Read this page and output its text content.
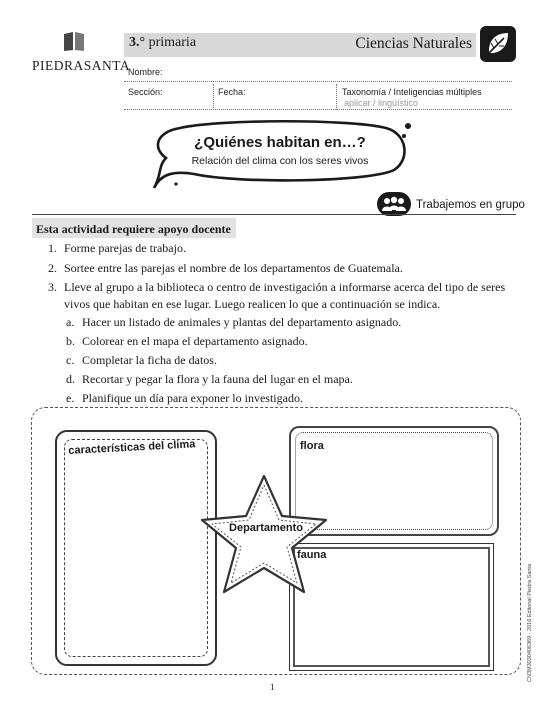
PIEDRASANTA
3.° primaria	Ciencias Naturales
Nombre:
Sección:	Fecha:	Taxonomía / Inteligencias múltiples
aplicar / lingüístico
¿Quiénes habitan en…?
Relación del clima con los seres vivos
Trabajemos en grupo
Esta actividad requiere apoyo docente
1. Forme parejas de trabajo.
2. Sortee entre las parejas el nombre de los departamentos de Guatemala.
3. Lleve al grupo a la biblioteca o centro de investigación a informarse acerca del tipo de seres
vivos que habitan en ese lugar. Luego realicen lo que a continuación se indica.
a. Hacer un listado de animales y plantas del departamento asignado.
b. Colorear en el mapa el departamento asignado.
c. Completar la ficha de datos.
d. Recortar y pegar la flora y la fauna del lugar en el mapa.
e. Planifique un día para exponer lo investigado.
características del clima	flora
fauna
Departamento
CN3M3030406369 · 2016 Editorial Piedra Santa
1
